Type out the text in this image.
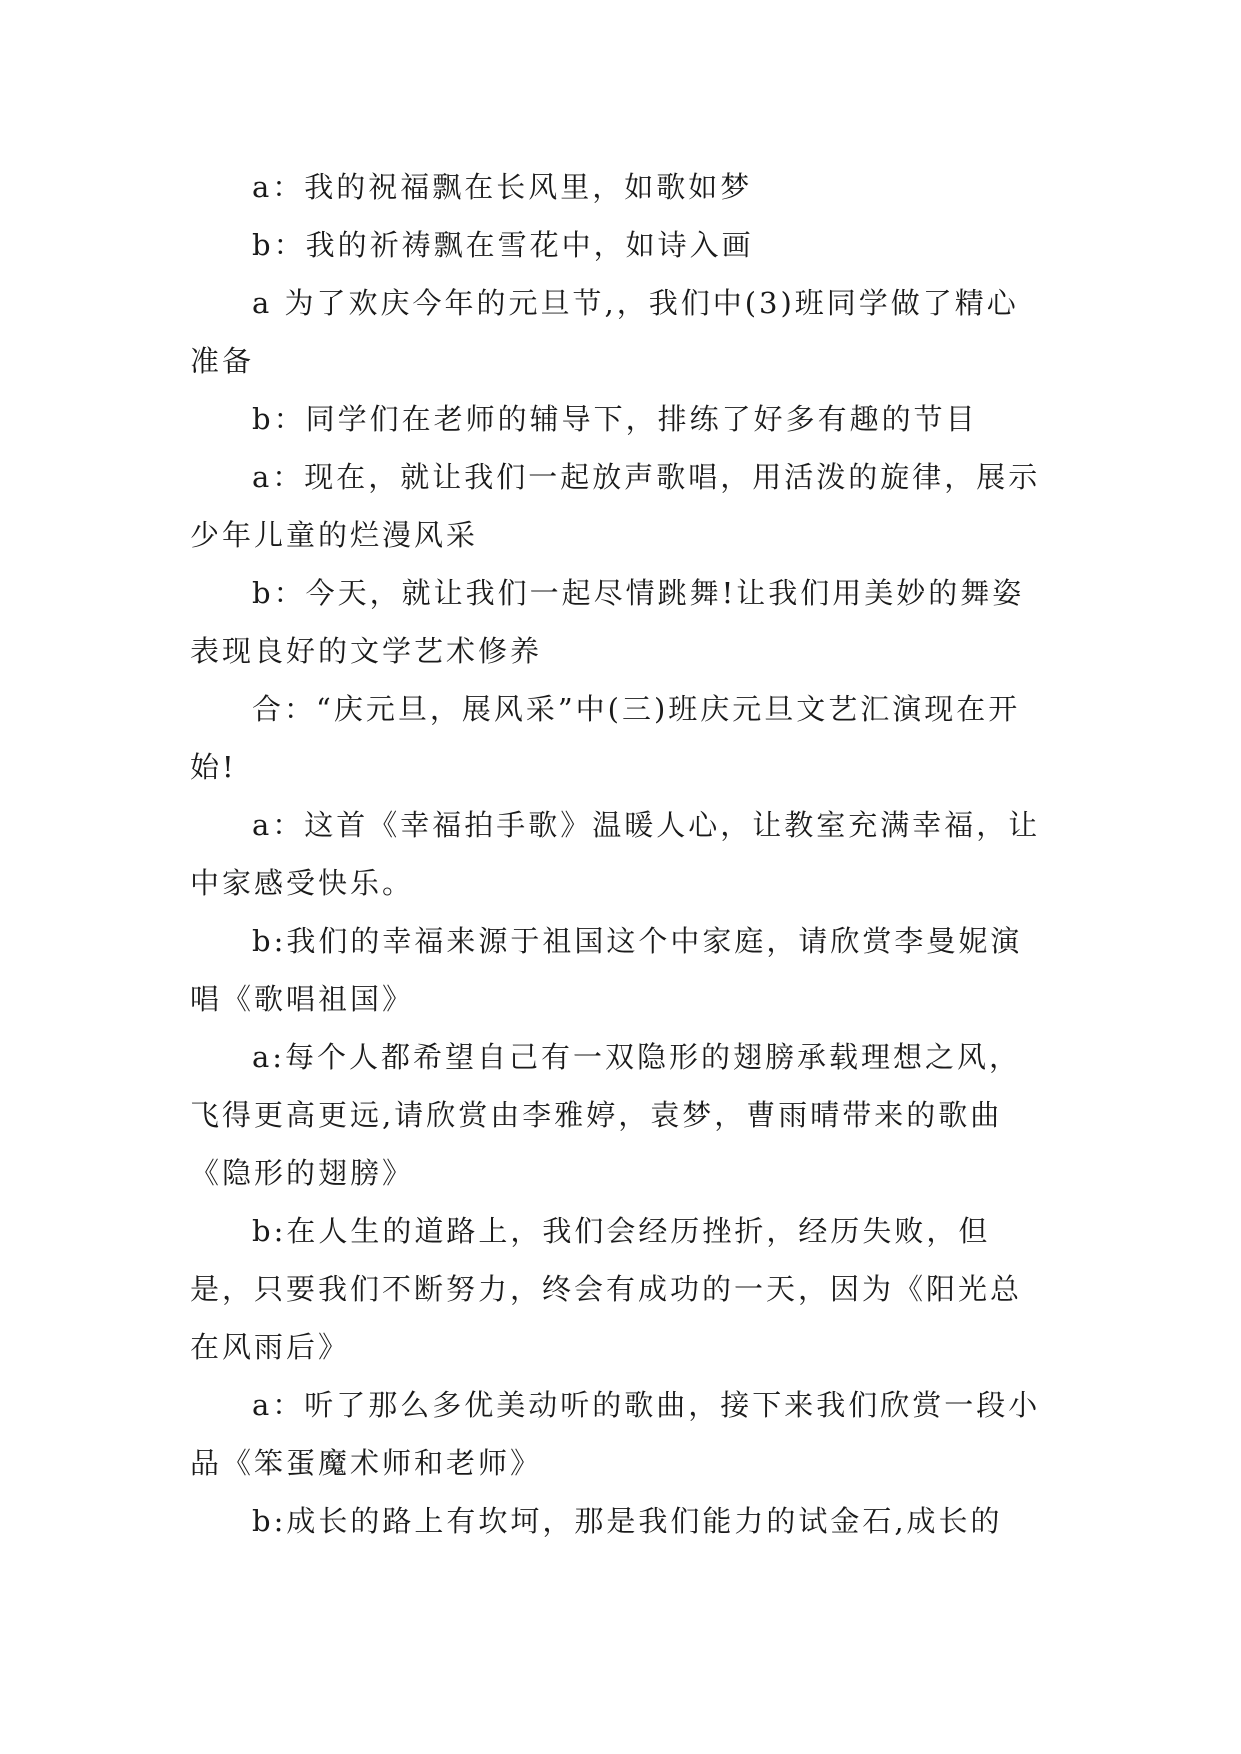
a：我的祝福飘在长风里，如歌如梦

b：我的祈祷飘在雪花中，如诗入画

a 为了欢庆今年的元旦节,，我们中(3)班同学做了精心准备

b：同学们在老师的辅导下，排练了好多有趣的节目

a：现在，就让我们一起放声歌唱，用活泼的旋律，展示少年儿童的烂漫风采

b：今天，就让我们一起尽情跳舞!让我们用美妙的舞姿表现良好的文学艺术修养

合：“庆元旦，展风采”中(三)班庆元旦文艺汇演现在开始!

a：这首《幸福拍手歌》温暖人心，让教室充满幸福，让中家感受快乐。

b:我们的幸福来源于祖国这个中家庭，请欣赏李曼妮演唱《歌唱祖国》

a:每个人都希望自己有一双隐形的翅膀承载理想之风，飞得更高更远,请欣赏由李雅婷，袁梦，曹雨晴带来的歌曲《隐形的翅膀》

b:在人生的道路上，我们会经历挫折，经历失败，但是，只要我们不断努力，终会有成功的一天，因为《阳光总在风雨后》

a：听了那么多优美动听的歌曲，接下来我们欣赏一段小品《笨蛋魔术师和老师》

b:成长的路上有坎坷，那是我们能力的试金石,成长的
